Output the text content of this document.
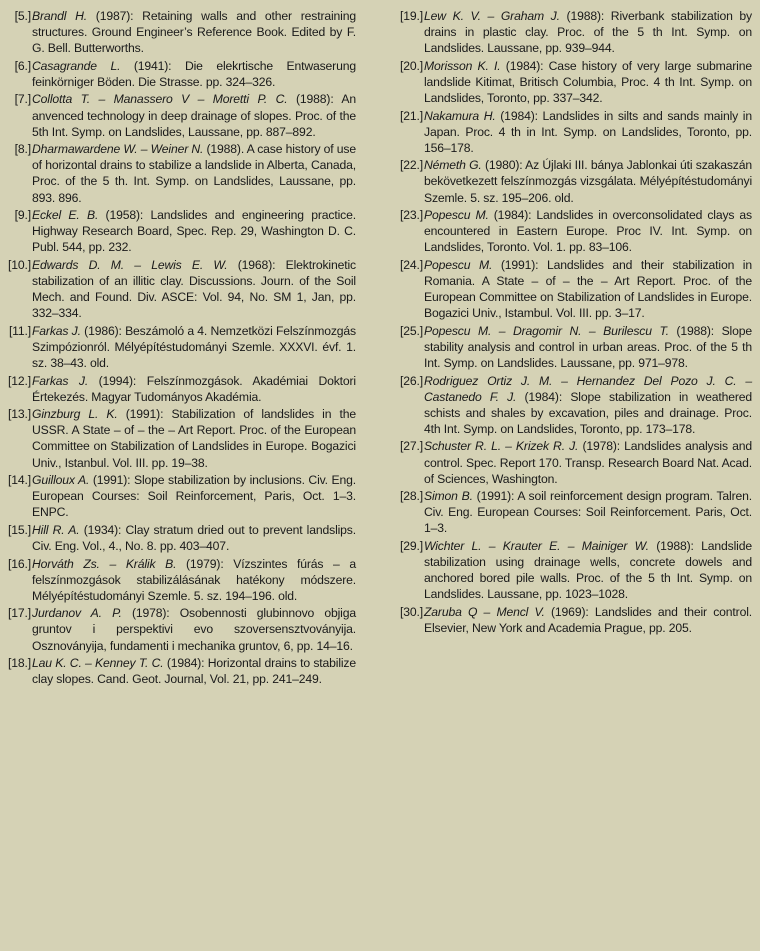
[5.] Brandl H. (1987): Retaining walls and other restraining structures. Ground Engineer’s Reference Book. Edited by F. G. Bell. Butterworths.
[6.] Casagrande L. (1941): Die elekrtische Entwaserung feinkörniger Böden. Die Strasse. pp. 324–326.
[7.] Collotta T. – Manassero V – Moretti P. C. (1988): An anvenced technology in deep drainage of slopes. Proc. of the 5th Int. Symp. on Landslides, Laussane, pp. 887–892.
[8.] Dharmawardene W. – Weiner N. (1988). A case history of use of horizontal drains to stabilize a landslide in Alberta, Canada, Proc. of the 5 th. Int. Symp. on Landslides, Laussane, pp. 893. 896.
[9.] Eckel E. B. (1958): Landslides and engineering practice. Highway Research Board, Spec. Rep. 29, Washington D. C. Publ. 544, pp. 232.
[10.] Edwards D. M. – Lewis E. W. (1968): Elektrokinetic stabilization of an illitic clay. Discussions. Journ. of the Soil Mech. and Found. Div. ASCE: Vol. 94, No. SM 1, Jan, pp. 332–334.
[11.] Farkas J. (1986): Beszámoló a 4. Nemzetközi Felszínmozgás Szimpózionról. Mélyépítéstudományi Szemle. XXXVI. évf. 1. sz. 38–43. old.
[12.] Farkas J. (1994): Felszínmozgások. Akadémiai Doktori Értekezés. Magyar Tudományos Akadémia.
[13.] Ginzburg L. K. (1991): Stabilization of landslides in the USSR. A State – of – the – Art Report. Proc. of the European Committee on Stabilization of Landslides in Europe. Bogazici Univ., Istanbul. Vol. III. pp. 19–38.
[14.] Guilloux A. (1991): Slope stabilization by inclusions. Civ. Eng. European Courses: Soil Reinforcement, Paris, Oct. 1–3. ENPC.
[15.] Hill R. A. (1934): Clay stratum dried out to prevent landslips. Civ. Eng. Vol., 4., No. 8. pp. 403–407.
[16.] Horváth Zs. – Králik B. (1979): Vízszintes fúrás – a felszínmozgások stabilizálásának hatékony módszere. Mélyépítéstudományi Szemle. 5. sz. 194–196. old.
[17.] Jurdanov A. P. (1978): Osobennosti glubinnovo objiga gruntov i perspektivi evo szoversensztvoványija. Osznoványija, fundamenti i mechanika gruntov, 6, pp. 14–16.
[18.] Lau K. C. – Kenney T. C. (1984): Horizontal drains to stabilize clay slopes. Cand. Geot. Journal, Vol. 21, pp. 241–249.
[19.] Lew K. V. – Graham J. (1988): Riverbank stabilization by drains in plastic clay. Proc. of the 5 th Int. Symp. on Landslides. Laussane, pp. 939–944.
[20.] Morisson K. I. (1984): Case history of very large submarine landslide Kitimat, Britisch Columbia, Proc. 4 th Int. Symp. on Landslides, Toronto, pp. 337–342.
[21.] Nakamura H. (1984): Landslides in silts and sands mainly in Japan. Proc. 4 th in Int. Symp. on Landslides, Toronto, pp. 156–178.
[22.] Németh G. (1980): Az Újlaki III. bánya Jablonkai úti szakaszán bekövetkezett felszínmozgás vizsgálata. Mélyépítéstudományi Szemle. 5. sz. 195–206. old.
[23.] Popescu M. (1984): Landslides in overconsolidated clays as encountered in Eastern Europe. Proc IV. Int. Symp. on Landslides, Toronto. Vol. 1. pp. 83–106.
[24.] Popescu M. (1991): Landslides and their stabilization in Romania. A State – of – the – Art Report. Proc. of the European Committee on Stabilization of Landslides in Europe. Bogazici Univ., Istambul. Vol. III. pp. 3–17.
[25.] Popescu M. – Dragomir N. – Burilescu T. (1988): Slope stability analysis and control in urban areas. Proc. of the 5 th Int. Symp. on Landslides. Laussane, pp. 971–978.
[26.] Rodriguez Ortiz J. M. – Hernandez Del Pozo J. C. – Castanedo F. J. (1984): Slope stabilization in weathered schists and shales by excavation, piles and drainage. Proc. 4th Int. Symp. on Landslides, Toronto, pp. 173–178.
[27.] Schuster R. L. – Krizek R. J. (1978): Landslides analysis and control. Spec. Report 170. Transp. Research Board Nat. Acad. of Sciences, Washington.
[28.] Simon B. (1991): A soil reinforcement design program. Talren. Civ. Eng. European Courses: Soil Reinforcement. Paris, Oct. 1–3.
[29.] Wichter L. – Krauter E. – Mainiger W. (1988): Landslide stabilization using drainage wells, concrete dowels and anchored bored pile walls. Proc. of the 5 th Int. Symp. on Landslides. Laussane, pp. 1023–1028.
[30.] Zaruba Q – Mencl V. (1969): Landslides and their control. Elsevier, New York and Academia Prague, pp. 205.
